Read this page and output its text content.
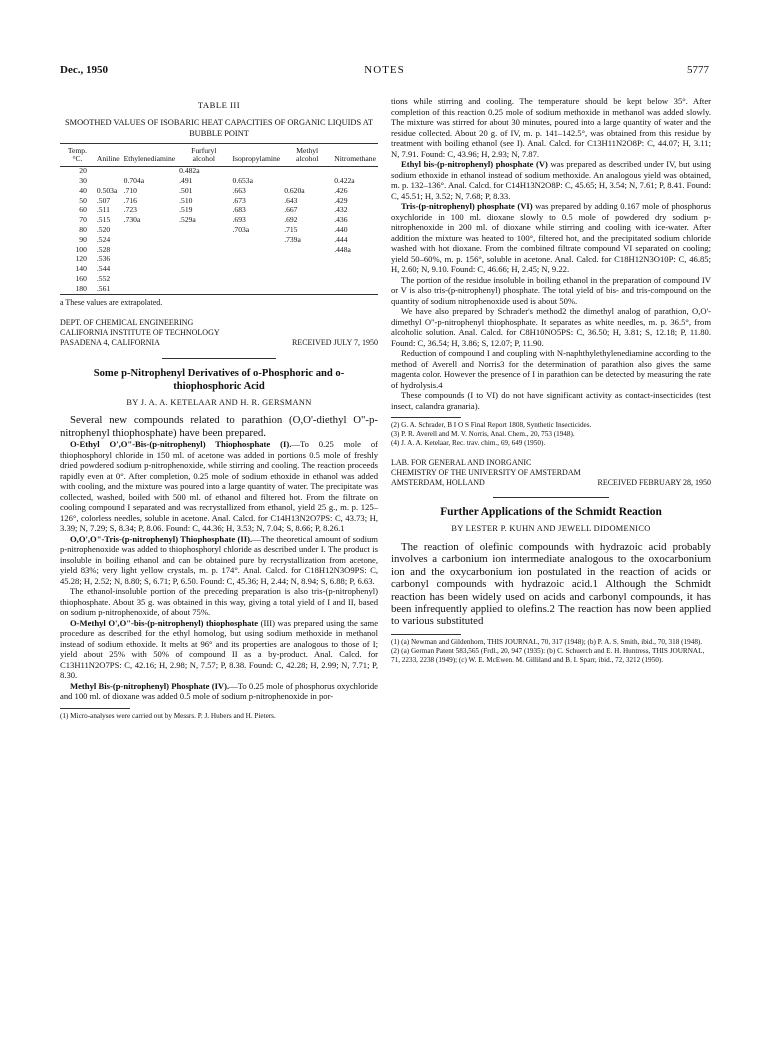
Dec., 1950	NOTES	5777
TABLE III
SMOOTHED VALUES OF ISOBARIC HEAT CAPACITIES OF ORGANIC LIQUIDS AT BUBBLE POINT
Temp. °C.	Aniline	Ethylenediamine	Furfuryl alcohol	Isopropylamine	Methyl alcohol	Nitromethane
20			0.482a			
30		0.704a	.491	0.653a		0.422a
40	0.503a	.710	.501	.663	0.620a	.426
50	.507	.716	.510	.673	.643	.429
60	.511	.723	.519	.683	.667	.432
70	.515	.730a	.529a	.693	.692	.436
80	.520			.703a	.715	.440
90	.524				.739a	.444
100	.528					.448a
120	.536					
140	.544					
160	.552					
180	.561					
a These values are extrapolated.
DEPT. OF CHEMICAL ENGINEERING
CALIFORNIA INSTITUTE OF TECHNOLOGY
PASADENA 4, CALIFORNIA	RECEIVED JULY 7, 1950
Some p-Nitrophenyl Derivatives of o-Phosphoric and o-thiophosphoric Acid
BY J. A. A. KETELAAR AND H. R. GERSMANN
Several new compounds related to parathion (O,O'-diethyl O"-p-nitrophenyl thiophosphate) have been prepared.
O-Ethyl O',O"-Bis-(p-nitrophenyl) Thiophosphate (I).—To 0.25 mole of thiophosphoryl chloride in 150 ml. of acetone was added in portions 0.5 mole of freshly dried powdered sodium p-nitrophenoxide, while stirring and cooling. The reaction proceeds rapidly even at 0°. After completion, 0.25 mole of sodium ethoxide in ethanol was added with cooling, and the mixture was poured into a large quantity of water. The precipitate was collected, washed, boiled with 500 ml. of ethanol and filtered hot. From the filtrate on cooling compound I separated and was recrystallized from ethanol, yield 25 g., m. p. 125–126°, colorless needles, soluble in acetone. Anal. Calcd. for C14H13N2O7PS: C, 43.73; H, 3.39; N, 7.29; S, 8.34; P, 8.06. Found: C, 44.36; H, 3.53; N, 7.04; S, 8.66; P, 8.26.1
O,O',O"-Tris-(p-nitrophenyl) Thiophosphate (II).—The theoretical amount of sodium p-nitrophenoxide was added to thiophosphoryl chloride as described under I. The product is insoluble in boiling ethanol and can be obtained pure by recrystallization from acetone, yield 83%; very light yellow crystals, m. p. 174°. Anal. Calcd. for C18H12N3O9PS: C, 45.28; H, 2.52; N, 8.80; S, 6.71; P, 6.50. Found: C, 45.36; H, 2.44; N, 8.94; S, 6.88; P, 6.63.
The ethanol-insoluble portion of the preceding preparation is also tris-(p-nitrophenyl) thiophosphate. About 35 g. was obtained in this way, giving a total yield of I and II, based on sodium p-nitrophenoxide, of about 75%.
O-Methyl O',O"-bis-(p-nitrophenyl) thiophosphate (III) was prepared using the same procedure as described for the ethyl homolog, but using sodium methoxide in methanol instead of sodium ethoxide. It melts at 96° and its properties are analogous to those of I; yield about 25% with 50% of compound II as a by-product. Anal. Calcd. for C13H11N2O7PS: C, 42.16; H, 2.98; N, 7.57; P, 8.38. Found: C, 42.28; H, 2.99; N, 7.71; P, 8.30.
Methyl Bis-(p-nitrophenyl) Phosphate (IV).—To 0.25 mole of phosphorus oxychloride and 100 ml. of dioxane was added 0.5 mole of sodium p-nitrophenoxide in por-
(1) Micro-analyses were carried out by Messrs. P. J. Hubers and H. Pieters.
tions while stirring and cooling. The temperature should be kept below 35°. After completion of this reaction 0.25 mole of sodium methoxide in methanol was added slowly. The mixture was stirred for about 30 minutes, poured into a large quantity of water and the residue collected. About 20 g. of IV, m. p. 141–142.5°, was obtained from this residue by treatment with boiling ethanol (see I). Anal. Calcd. for C13H11N2O8P: C, 44.07; H, 3.11; N, 7.91. Found: C, 43.96; H, 2.93; N, 7.87.
Ethyl bis-(p-nitrophenyl) phosphate (V) was prepared as described under IV, but using sodium ethoxide in ethanol instead of sodium methoxide. An analogous yield was obtained, m. p. 132–136°. Anal. Calcd. for C14H13N2O8P: C, 45.65; H, 3.54; N, 7.61; P, 8.41. Found: C, 45.51; H, 3.52; N, 7.68; P, 8.33.
Tris-(p-nitrophenyl) phosphate (VI) was prepared by adding 0.167 mole of phosphorus oxychloride in 100 ml. dioxane slowly to 0.5 mole of powdered dry sodium p-nitrophenoxide in 200 ml. of dioxane while stirring and cooling with ice-water. After addition the mixture was heated to 100°, filtered hot, and the precipitated sodium chloride washed with hot dioxane. From the combined filtrate compound VI separated on cooling; yield 50–60%, m. p. 156°, soluble in acetone. Anal. Calcd. for C18H12N3O10P: C, 46.85; H, 2.60; N, 9.10. Found: C, 46.66; H, 2.45; N, 9.22.
The portion of the residue insoluble in boiling ethanol in the preparation of compound IV or V is also tris-(p-nitrophenyl) phosphate. The total yield of bis- and tris-compound on the quantity of sodium nitrophenoxide used is about 50%.
We have also prepared by Schrader's method2 the dimethyl analog of parathion, O,O'-dimethyl O"-p-nitrophenyl thiophosphate. It separates as white needles, m. p. 36.5°, from alcoholic solution. Anal. Calcd. for C8H10NO5PS: C, 36.50; H, 3.81; S, 12.18; P, 11.80. Found: C, 36.54; H, 3.86; S, 12.07; P, 11.90.
Reduction of compound I and coupling with N-naphthylethylenediamine according to the method of Averell and Norris3 for the determination of parathion also gives the same magenta color. However the presence of I in parathion can be detected by measuring the rate of hydrolysis.4
These compounds (I to VI) do not have significant activity as contact-insecticides (test insect, calandra granaria).
(2) G. A. Schrader, B I O S Final Report 1808, Synthetic Insecticides.
(3) P. R. Averell and M. V. Norris, Anal. Chem., 20, 753 (1948).
(4) J. A. A. Ketelaar, Rec. trav. chim., 69, 649 (1950).
LAB. FOR GENERAL AND INORGANIC
CHEMISTRY OF THE UNIVERSITY OF AMSTERDAM
AMSTERDAM, HOLLAND	RECEIVED FEBRUARY 28, 1950
Further Applications of the Schmidt Reaction
BY LESTER P. KUHN AND JEWELL DIDOMENICO
The reaction of olefinic compounds with hydrazoic acid probably involves a carbonium ion intermediate analogous to the oxocarbonium ion and the oxycarbonium ion postulated in the reaction of acids or carbonyl compounds with hydrazoic acid.1 Although the Schmidt reaction has been widely used on acids and carbonyl compounds, it has been infrequently applied to olefins.2 The reaction has now been applied to various substituted
(1) (a) Newman and Gildenhorn, THIS JOURNAL, 70, 317 (1948); (b) P. A. S. Smith, ibid., 70, 318 (1948).
(2) (a) German Patent 583,565 (Frdl., 20, 947 (1935): (b) C. Schuerch and E. H. Huntress, THIS JOURNAL, 71, 2233, 2238 (1949); (c) W. E. McEwen. M. Gilliland and B. I. Sparr, ibid., 72, 3212 (1950).
